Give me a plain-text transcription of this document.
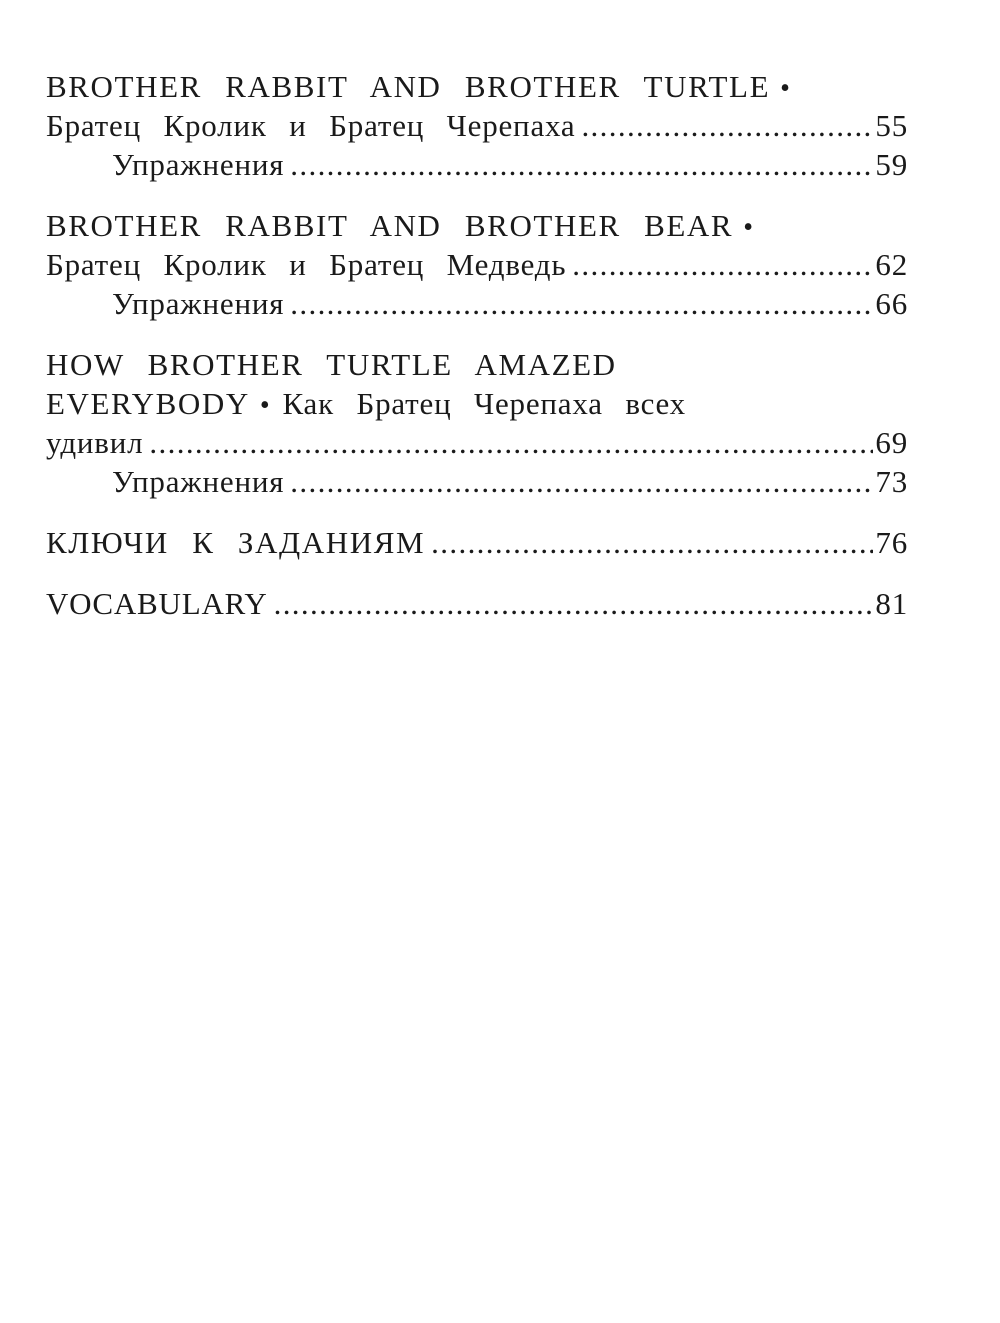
BROTHER RABBIT AND BROTHER TURTLE •
Братец Кролик и Братец Черепаха . . .	55
Упражнения . . .	59
BROTHER RABBIT AND BROTHER BEAR •
Братец Кролик и Братец Медведь . . .	62
Упражнения . . .	66
HOW BROTHER TURTLE AMAZED
EVERYBODY • Как Братец Черепаха всех
удивил . . .	69
Упражнения . . .	73
КЛЮЧИ К ЗАДАНИЯМ . . .	76
VOCABULARY . . .	81
